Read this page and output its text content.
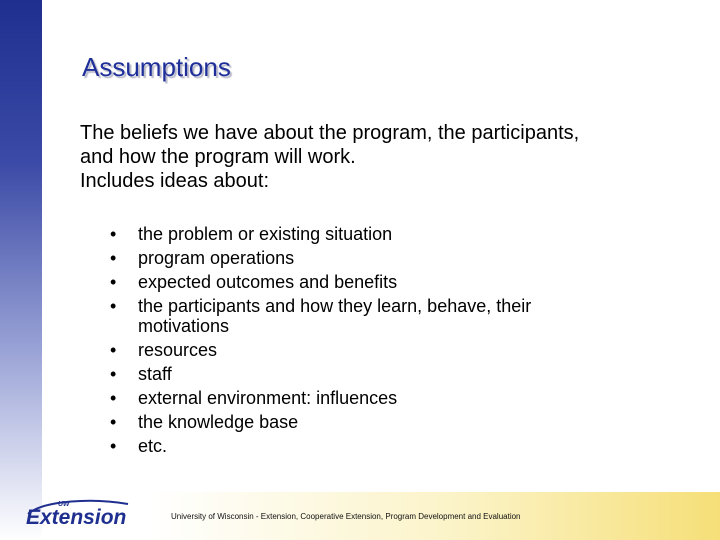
Assumptions
The beliefs we have about the program, the participants,
and how the program will work.
Includes ideas about:
• the problem or existing situation
• program operations
• expected outcomes and benefits
• the participants and how they learn, behave, their motivations
• resources
• staff
• external environment: influences
• the knowledge base
• etc.
University of Wisconsin - Extension, Cooperative Extension, Program Development and Evaluation
UW
Extension
